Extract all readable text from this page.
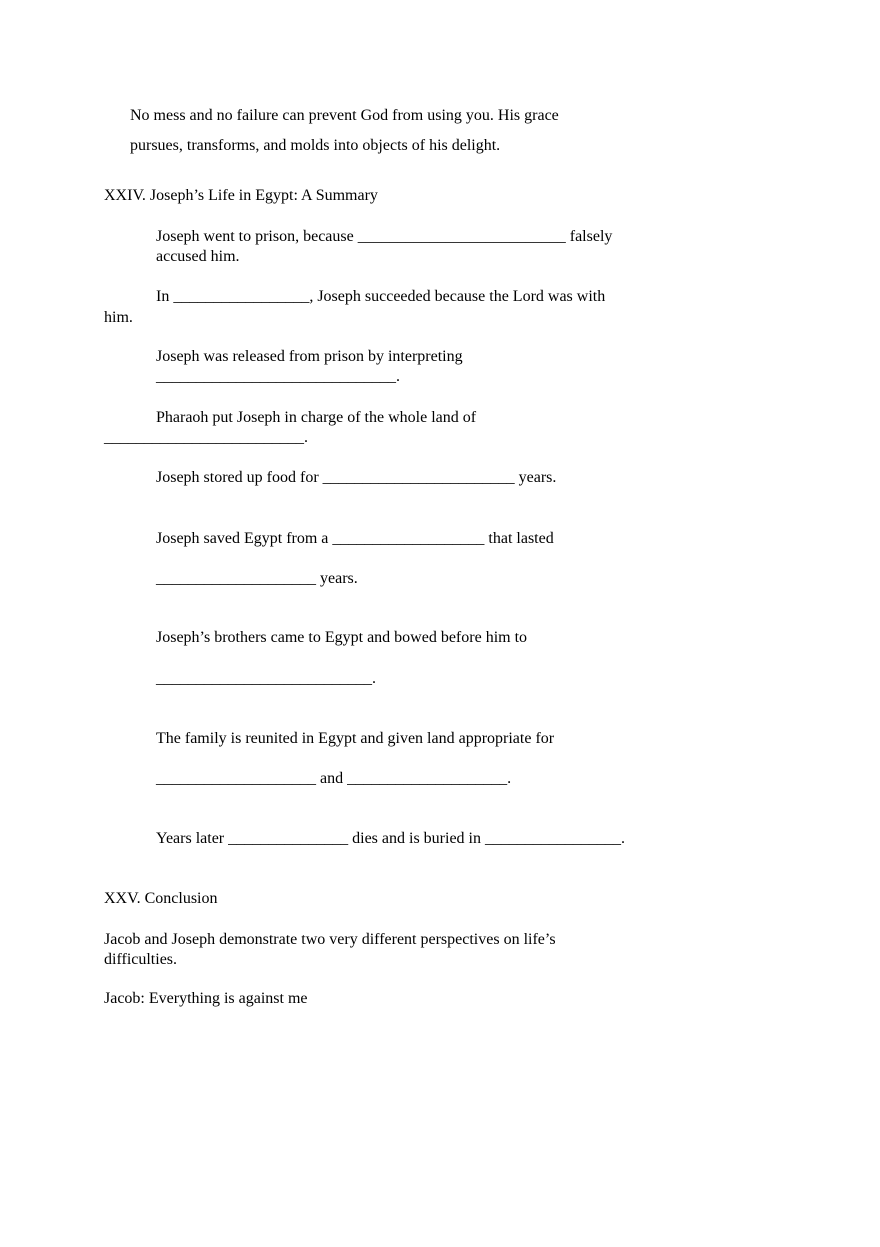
No mess and no failure can prevent God from using you. His grace

pursues, transforms, and molds into objects of his delight.

XXIV. Joseph’s Life in Egypt: A Summary

Joseph went to prison, because __________________________ falsely

accused him.

In _________________, Joseph succeeded because the Lord was with

him.

Joseph was released from prison by interpreting

______________________________.

Pharaoh put Joseph in charge of the whole land of

_________________________.

Joseph stored up food for ________________________ years.

Joseph saved Egypt from a ___________________ that lasted

____________________ years.

Joseph’s brothers came to Egypt and bowed before him to

___________________________.

The family is reunited in Egypt and given land appropriate for

____________________ and ____________________.

Years later _______________ dies and is buried in _________________.

XXV. Conclusion

Jacob and Joseph demonstrate two very different perspectives on life’s

difficulties.

Jacob: Everything is against me
